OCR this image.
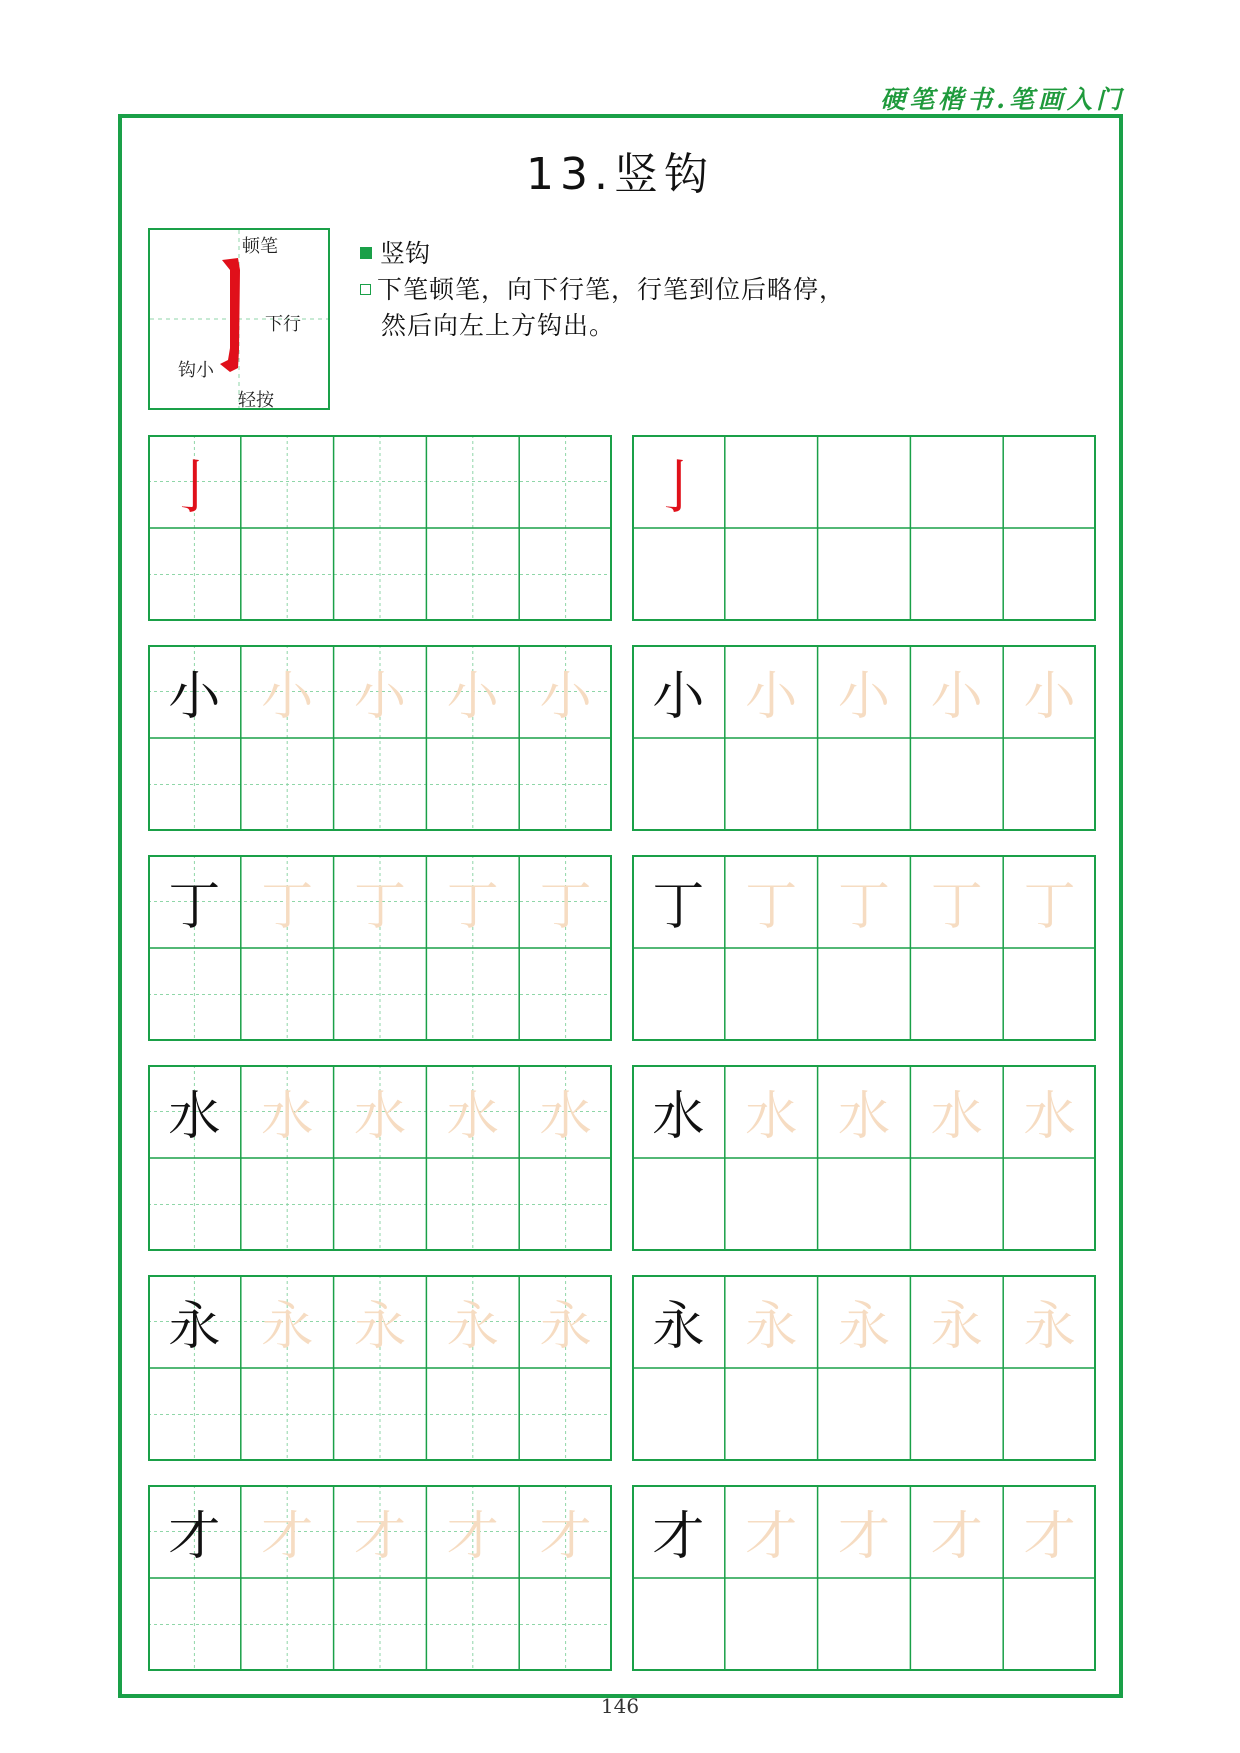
硬笔楷书.笔画入门
13.竖钩
顿笔
下行
钩小
轻按
竖钩
下笔顿笔，向下行笔，行笔到位后略停，
然后向左上方钩出。
亅	亅
小 小 小 小 小	小 小 小 小 小
丁 丁 丁 丁 丁	丁 丁 丁 丁 丁
水 水 水 水 水	水 水 水 水 水
永 永 永 永 永	永 永 永 永 永
才 才 才 才 才	才 才 才 才 才
146
